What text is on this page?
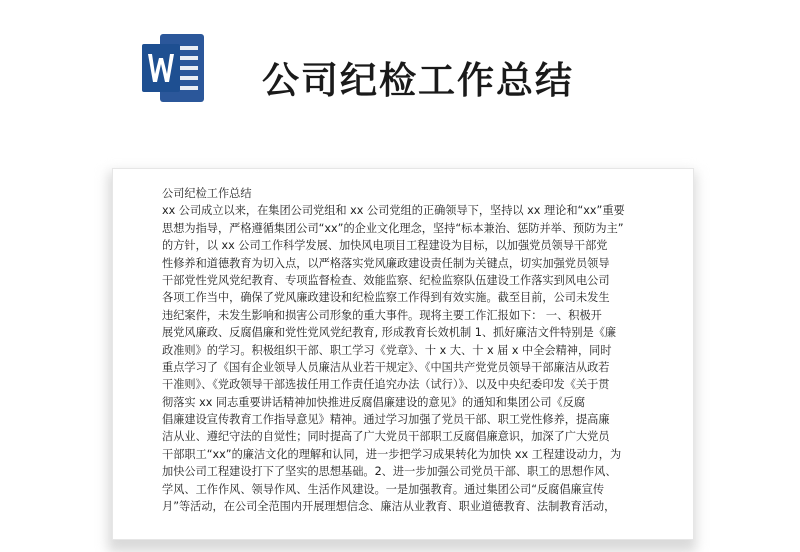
公司纪检工作总结
公司纪检工作总结
xx 公司成立以来，在集团公司党组和 xx 公司党组的正确领导下，坚持以 xx 理论和“xx”重要
思想为指导，严格遵循集团公司“xx”的企业文化理念，坚持“标本兼治、惩防并举、预防为主”
的方针，以 xx 公司工作科学发展、加快风电项目工程建设为目标，以加强党员领导干部党
性修养和道德教育为切入点，以严格落实党风廉政建设责任制为关键点，切实加强党员领导
干部党性党风党纪教育、专项监督检查、效能监察、纪检监察队伍建设工作落实到风电公司
各项工作当中，确保了党风廉政建设和纪检监察工作得到有效实施。截至目前，公司未发生
违纪案件，未发生影响和损害公司形象的重大事件。现将主要工作汇报如下： 一、积极开
展党风廉政、反腐倡廉和党性党风党纪教育, 形成教育长效机制 1、抓好廉洁文件特别是《廉
政准则》的学习。积极组织干部、职工学习《党章》、十 x 大、十 x 届 x 中全会精神，同时
重点学习了《国有企业领导人员廉洁从业若干规定》、《中国共产党党员领导干部廉洁从政若
干准则》、《党政领导干部选拔任用工作责任追究办法（试行）》、以及中央纪委印发《关于贯
彻落实 xx 同志重要讲话精神加快推进反腐倡廉建设的意见》的通知和集团公司《反腐
倡廉建设宣传教育工作指导意见》精神。通过学习加强了党员干部、职工党性修养，提高廉
洁从业、遵纪守法的自觉性；同时提高了广大党员干部职工反腐倡廉意识，加深了广大党员
干部职工“xx”的廉洁文化的理解和认同，进一步把学习成果转化为加快 xx 工程建设动力，为
加快公司工程建设打下了坚实的思想基础。2、进一步加强公司党员干部、职工的思想作风、
学风、工作作风、领导作风、生活作风建设。一是加强教育。通过集团公司“反腐倡廉宣传
月”等活动，在公司全范围内开展理想信念、廉洁从业教育、职业道德教育、法制教育活动，
